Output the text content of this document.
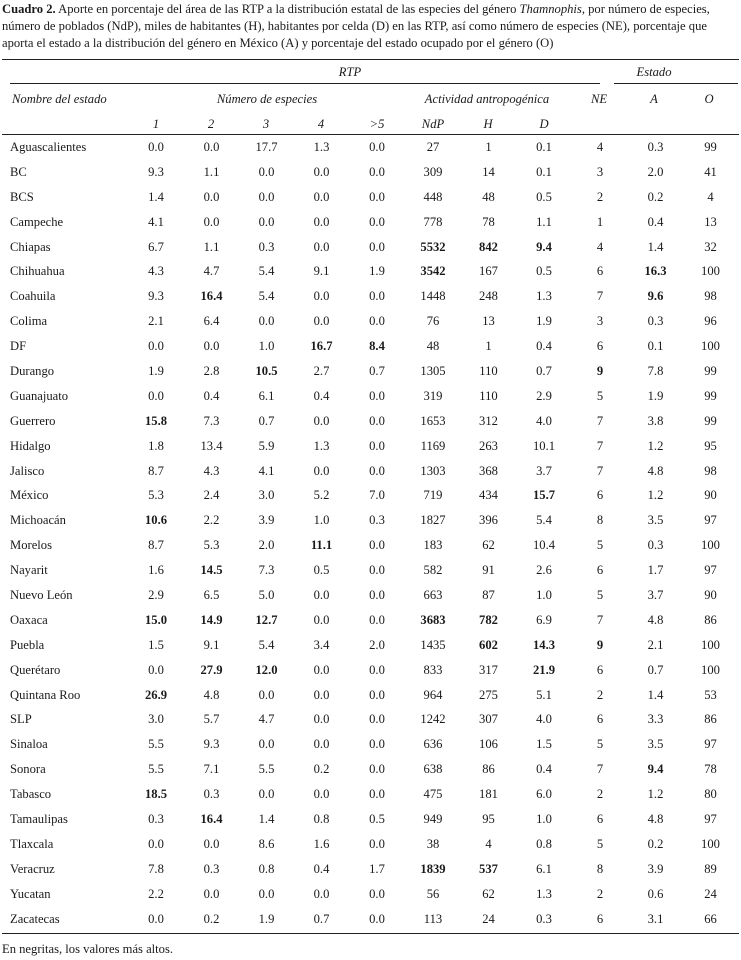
Cuadro 2. Aporte en porcentaje del área de las RTP a la distribución estatal de las especies del género Thamnophis, por número de especies, número de poblados (NdP), miles de habitantes (H), habitantes por celda (D) en las RTP, así como número de especies (NE), porcentaje que aporta el estado a la distribución del género en México (A) y porcentaje del estado ocupado por el género (O)
RTP	Estado
Nombre del estado	Número de especies	Actividad antropogénica	NE	A	O
1	2	3	4	>5	NdP	H	D
Aguascalientes	0.0	0.0	17.7	1.3	0.0	27	1	0.1	4	0.3	99
BC	9.3	1.1	0.0	0.0	0.0	309	14	0.1	3	2.0	41
BCS	1.4	0.0	0.0	0.0	0.0	448	48	0.5	2	0.2	4
Campeche	4.1	0.0	0.0	0.0	0.0	778	78	1.1	1	0.4	13
Chiapas	6.7	1.1	0.3	0.0	0.0	5532	842	9.4	4	1.4	32
Chihuahua	4.3	4.7	5.4	9.1	1.9	3542	167	0.5	6	16.3	100
Coahuila	9.3	16.4	5.4	0.0	0.0	1448	248	1.3	7	9.6	98
Colima	2.1	6.4	0.0	0.0	0.0	76	13	1.9	3	0.3	96
DF	0.0	0.0	1.0	16.7	8.4	48	1	0.4	6	0.1	100
Durango	1.9	2.8	10.5	2.7	0.7	1305	110	0.7	9	7.8	99
Guanajuato	0.0	0.4	6.1	0.4	0.0	319	110	2.9	5	1.9	99
Guerrero	15.8	7.3	0.7	0.0	0.0	1653	312	4.0	7	3.8	99
Hidalgo	1.8	13.4	5.9	1.3	0.0	1169	263	10.1	7	1.2	95
Jalisco	8.7	4.3	4.1	0.0	0.0	1303	368	3.7	7	4.8	98
México	5.3	2.4	3.0	5.2	7.0	719	434	15.7	6	1.2	90
Michoacán	10.6	2.2	3.9	1.0	0.3	1827	396	5.4	8	3.5	97
Morelos	8.7	5.3	2.0	11.1	0.0	183	62	10.4	5	0.3	100
Nayarit	1.6	14.5	7.3	0.5	0.0	582	91	2.6	6	1.7	97
Nuevo León	2.9	6.5	5.0	0.0	0.0	663	87	1.0	5	3.7	90
Oaxaca	15.0	14.9	12.7	0.0	0.0	3683	782	6.9	7	4.8	86
Puebla	1.5	9.1	5.4	3.4	2.0	1435	602	14.3	9	2.1	100
Querétaro	0.0	27.9	12.0	0.0	0.0	833	317	21.9	6	0.7	100
Quintana Roo	26.9	4.8	0.0	0.0	0.0	964	275	5.1	2	1.4	53
SLP	3.0	5.7	4.7	0.0	0.0	1242	307	4.0	6	3.3	86
Sinaloa	5.5	9.3	0.0	0.0	0.0	636	106	1.5	5	3.5	97
Sonora	5.5	7.1	5.5	0.2	0.0	638	86	0.4	7	9.4	78
Tabasco	18.5	0.3	0.0	0.0	0.0	475	181	6.0	2	1.2	80
Tamaulipas	0.3	16.4	1.4	0.8	0.5	949	95	1.0	6	4.8	97
Tlaxcala	0.0	0.0	8.6	1.6	0.0	38	4	0.8	5	0.2	100
Veracruz	7.8	0.3	0.8	0.4	1.7	1839	537	6.1	8	3.9	89
Yucatan	2.2	0.0	0.0	0.0	0.0	56	62	1.3	2	0.6	24
Zacatecas	0.0	0.2	1.9	0.7	0.0	113	24	0.3	6	3.1	66
En negritas, los valores más altos.
